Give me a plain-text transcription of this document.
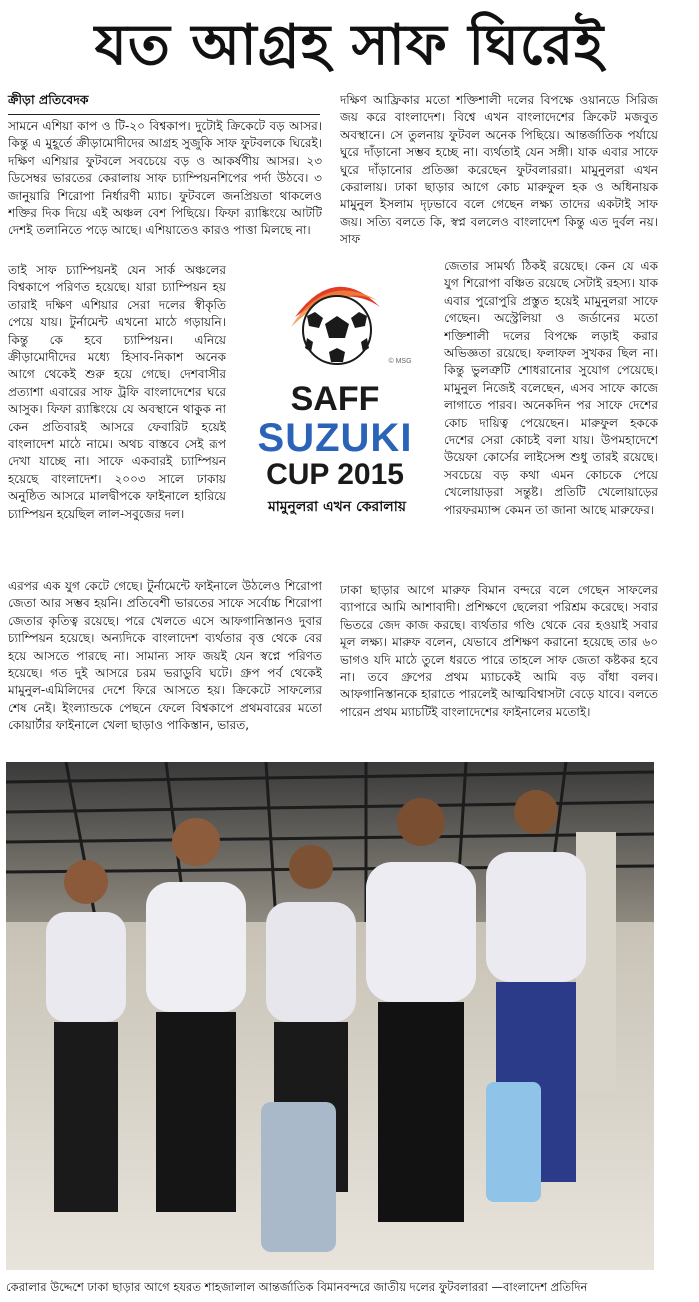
যত আগ্রহ সাফ ঘিরেই
ক্রীড়া প্রতিবেদক

সামনে এশিয়া কাপ ও টি-২০ বিশ্বকাপ। দুটোই ক্রিকেটে বড় আসর। কিন্তু এ মুহূর্তে ক্রীড়ামোদীদের আগ্রহ সুজুকি সাফ ফুটবলকে ঘিরেই। দক্ষিণ এশিয়ার ফুটবলে সবচেয়ে বড় ও আকর্ষণীয় আসর। ২৩ ডিসেম্বর ভারতের কেরালায় সাফ চ্যাম্পিয়নশিপের পর্দা উঠবে। ৩ জানুয়ারি শিরোপা নির্ধারণী ম্যাচ। ফুটবলে জনপ্রিয়তা থাকলেও শক্তির দিক দিয়ে এই অঞ্চল বেশ পিছিয়ে। ফিফা র‍্যাঙ্কিংয়ে আটটি দেশই তলানিতে পড়ে আছে। এশিয়াতেও কারও পাত্তা মিলছে না।

তাই সাফ চ্যাম্পিয়নই যেন সার্ক অঞ্চলের বিশ্বকাপে পরিণত হয়েছে। যারা চ্যাম্পিয়ন হয় তারাই দক্ষিণ এশিয়ার সেরা দলের স্বীকৃতি পেয়ে যায়। টুর্নামেন্ট এখনো মাঠে গড়ায়নি। কিন্তু কে হবে চ্যাম্পিয়ন। এনিয়ে ক্রীড়ামোদীদের মধ্যে হিসাব-নিকাশ অনেক আগে থেকেই শুরু হয়ে গেছে। দেশবাসীর প্রত্যাশা এবারের সাফ ট্রফি বাংলাদেশের ঘরে আসুক। ফিফা র‍্যাঙ্কিংয়ে যে অবস্থানে থাকুক না কেন প্রতিবারই আসরে ফেবারিট হয়েই বাংলাদেশ মাঠে নামে। অথচ বাস্তবে সেই রূপ দেখা যাচ্ছে না। সাফে একবারই চ্যাম্পিয়ন হয়েছে বাংলাদেশ। ২০০৩ সালে ঢাকায় অনুষ্ঠিত আসরে মালদ্বীপকে ফাইনালে হারিয়ে চ্যাম্পিয়ন হয়েছিল লাল-সবুজের দল।

দক্ষিণ আফ্রিকার মতো শক্তিশালী দলের বিপক্ষে ওয়ানডে সিরিজ জয় করে বাংলাদেশ। বিশ্বে এখন বাংলাদেশের ক্রিকেট মজবুত অবস্থানে। সে তুলনায় ফুটবল অনেক পিছিয়ে। আন্তর্জাতিক পর্যায়ে ঘুরে দাঁড়ানো সম্ভব হচ্ছে না। ব্যর্থতাই যেন সঙ্গী। যাক এবার সাফে ঘুরে দাঁড়ানোর প্রতিজ্ঞা করেছেন ফুটবলাররা। মামুনুলরা এখন কেরালায়। ঢাকা ছাড়ার আগে কোচ মারুফুল হক ও অধিনায়ক মামুনুল ইসলাম দৃঢ়ভাবে বলে গেছেন লক্ষ্য তাদের একটাই সাফ জয়। সত্যি বলতে কি, স্বপ্ন বললেও বাংলাদেশ কিন্তু এত দুর্বল নয়। সাফ

জেতার সামর্থ্য ঠিকই রয়েছে। কেন যে এক যুগ শিরোপা বঞ্চিত রয়েছে সেটাই রহস্য। যাক এবার পুরোপুরি প্রস্তুত হয়েই মামুনুলরা সাফে গেছেন। অস্ট্রেলিয়া ও জর্ডানের মতো শক্তিশালী দলের বিপক্ষে লড়াই করার অভিজ্ঞতা রয়েছে। ফলাফল সুখকর ছিল না। কিন্তু ভুলত্রুটি শোধরানোর সুযোগ পেয়েছে। মামুনুল নিজেই বলেছেন, এসব সাফে কাজে লাগাতে পারব। অনেকদিন পর সাফে দেশের কোচ দায়িত্ব পেয়েছেন। মারুফুল হককে দেশের সেরা কোচই বলা যায়। উপমহাদেশে উয়েফা কোর্সের লাইসেন্স শুধু তারই রয়েছে। সবচেয়ে বড় কথা এমন কোচকে পেয়ে খেলোয়াড়রা সন্তুষ্ট। প্রতিটি খেলোয়াড়ের পারফরম্যান্স কেমন তা জানা আছে মারুফের।

এরপর এক যুগ কেটে গেছে। টুর্নামেন্টে ফাইনালে উঠলেও শিরোপা জেতা আর সম্ভব হয়নি। প্রতিবেশী ভারতের সাফে সর্বোচ্চ শিরোপা জেতার কৃতিত্ব রয়েছে। পরে খেলতে এসে আফগানিস্তানও দুবার চ্যাম্পিয়ন হয়েছে। অন্যদিকে বাংলাদেশ ব্যর্থতার বৃত্ত থেকে বের হয়ে আসতে পারছে না। সামান্য সাফ জয়ই যেন স্বপ্নে পরিণত হয়েছে। গত দুই আসরে চরম ভরাডুবি ঘটে। গ্রুপ পর্ব থেকেই মামুনুল-এমিলিদের দেশে ফিরে আসতে হয়। ক্রিকেটে সাফল্যের শেষ নেই। ইংল্যান্ডকে পেছনে ফেলে বিশ্বকাপে প্রথমবারের মতো কোয়ার্টার ফাইনালে খেলা ছাড়াও পাকিস্তান, ভারত,

ঢাকা ছাড়ার আগে মারুফ বিমান বন্দরে বলে গেছেন সাফলের ব্যাপারে আমি আশাবাদী। প্রশিক্ষণে ছেলেরা পরিশ্রম করেছে। সবার ভিতরে জেদ কাজ করছে। ব্যর্থতার গণ্ডি থেকে বের হওয়াই সবার মূল লক্ষ্য। মারুফ বলেন, যেভাবে প্রশিক্ষণ করানো হয়েছে তার ৬০ ভাগও যদি মাঠে তুলে ধরতে পারে তাহলে সাফ জেতা কষ্টকর হবে না। তবে গ্রুপের প্রথম ম্যাচকেই আমি বড় বাঁধা বলব। আফগানিস্তানকে হারাতে পারলেই আত্মবিশ্বাসটা বেড়ে যাবে। বলতে পারেন প্রথম ম্যাচটিই বাংলাদেশের ফাইনালের মতোই।

SAFF
SUZUKI
CUP 2015
© MSG
মামুনুলরা এখন কেরালায়
কেরালার উদ্দেশে ঢাকা ছাড়ার আগে হযরত শাহজালাল আন্তর্জাতিক বিমানবন্দরে জাতীয় দলের ফুটবলাররা —বাংলাদেশ প্রতিদিন
